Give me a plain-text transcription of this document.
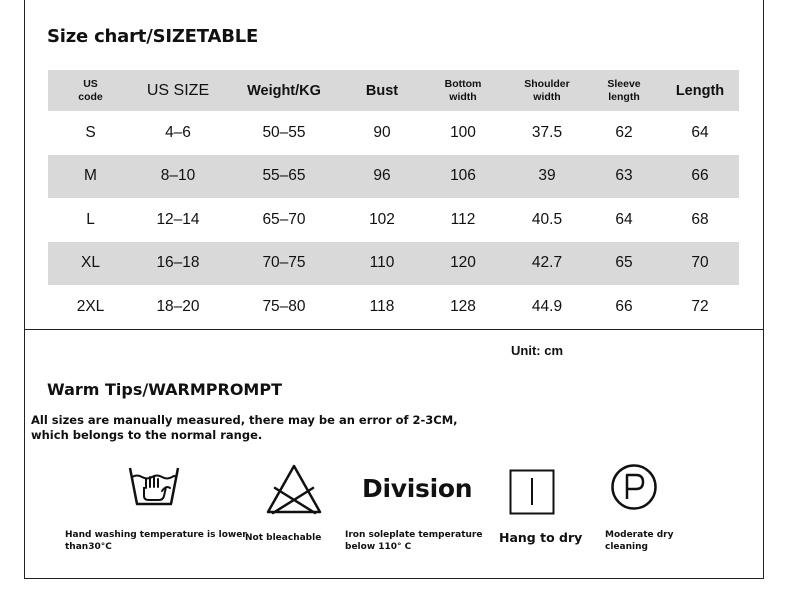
Size chart/SIZETABLE
US code	US SIZE	Weight/KG	Bust	Bottom width	Shoulder width	Sleeve length	Length
S	4–6	50–55	90	100	37.5	62	64
M	8–10	55–65	96	106	39	63	66
L	12–14	65–70	102	112	40.5	64	68
XL	16–18	70–75	110	120	42.7	65	70
2XL	18–20	75–80	118	128	44.9	66	72
Unit: cm
Warm Tips/WARMPROMPT
All sizes are manually measured, there may be an error of 2-3CM,
which belongs to the normal range.
Hand washing temperature is lower
than30°C
Not bleachable
Division
Iron soleplate temperature
below 110° C
Hang to dry	Moderate dry
cleaning
